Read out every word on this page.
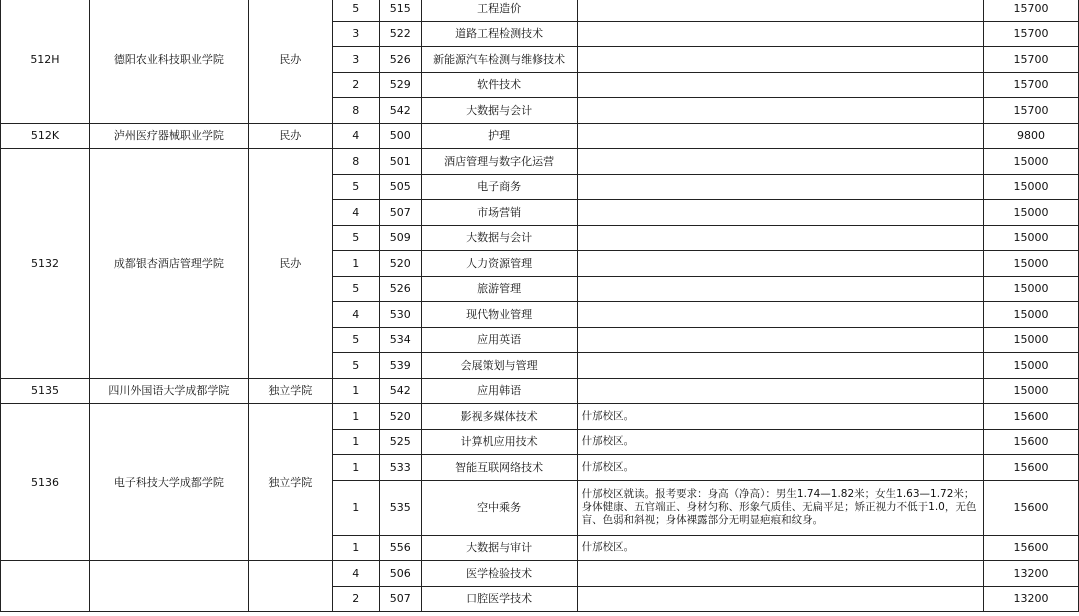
512H	德阳农业科技职业学院	民办	5	515	工程造价		15700
			3	522	道路工程检测技术		15700
			3	526	新能源汽车检测与维修技术		15700
			2	529	软件技术		15700
			8	542	大数据与会计		15700
512K	泸州医疗器械职业学院	民办	4	500	护理		9800
5132	成都银杏酒店管理学院	民办	8	501	酒店管理与数字化运营		15000
			5	505	电子商务		15000
			4	507	市场营销		15000
			5	509	大数据与会计		15000
			1	520	人力资源管理		15000
			5	526	旅游管理		15000
			4	530	现代物业管理		15000
			5	534	应用英语		15000
			5	539	会展策划与管理		15000
5135	四川外国语大学成都学院	独立学院	1	542	应用韩语		15000
5136	电子科技大学成都学院	独立学院	1	520	影视多媒体技术	什邡校区。	15600
			1	525	计算机应用技术	什邡校区。	15600
			1	533	智能互联网络技术	什邡校区。	15600
			1	535	空中乘务	什邡校区就读。报考要求：身高（净高）：男生1.74—1.82米；女生1.63—1.72米；身体健康、五官端正、身材匀称、形象气质佳、无扁平足；矫正视力不低于1.0，无色盲、色弱和斜视；身体裸露部分无明显疤痕和纹身。	15600
			1	556	大数据与审计	什邡校区。	15600
			4	506	医学检验技术		13200
			2	507	口腔医学技术		13200
